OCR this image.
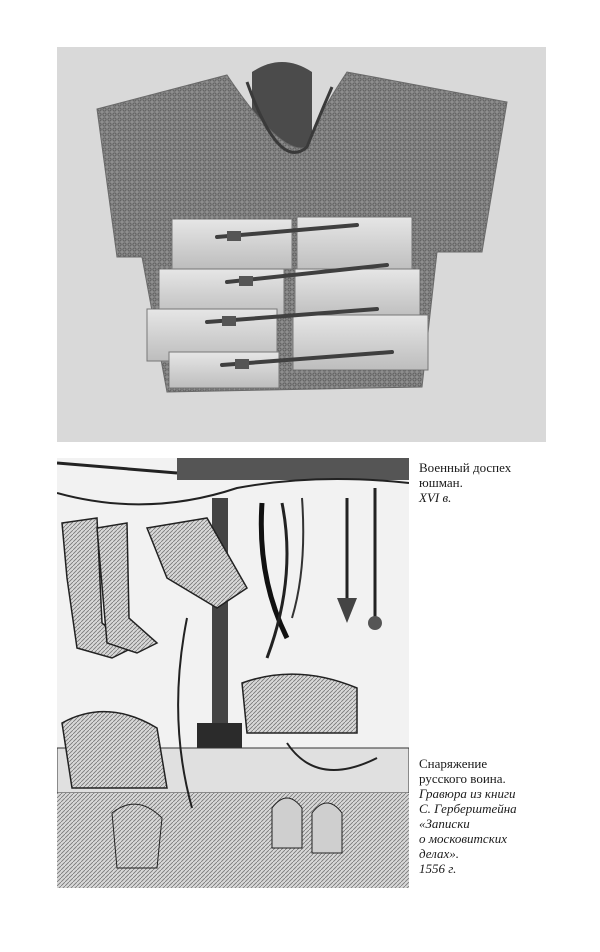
Военный доспех
юшман.
XVI в.
Снаряжение
русского воина.
Гравюра из книги
С. Герберштейна
«Записки
о московитских
делах».
1556 г.
